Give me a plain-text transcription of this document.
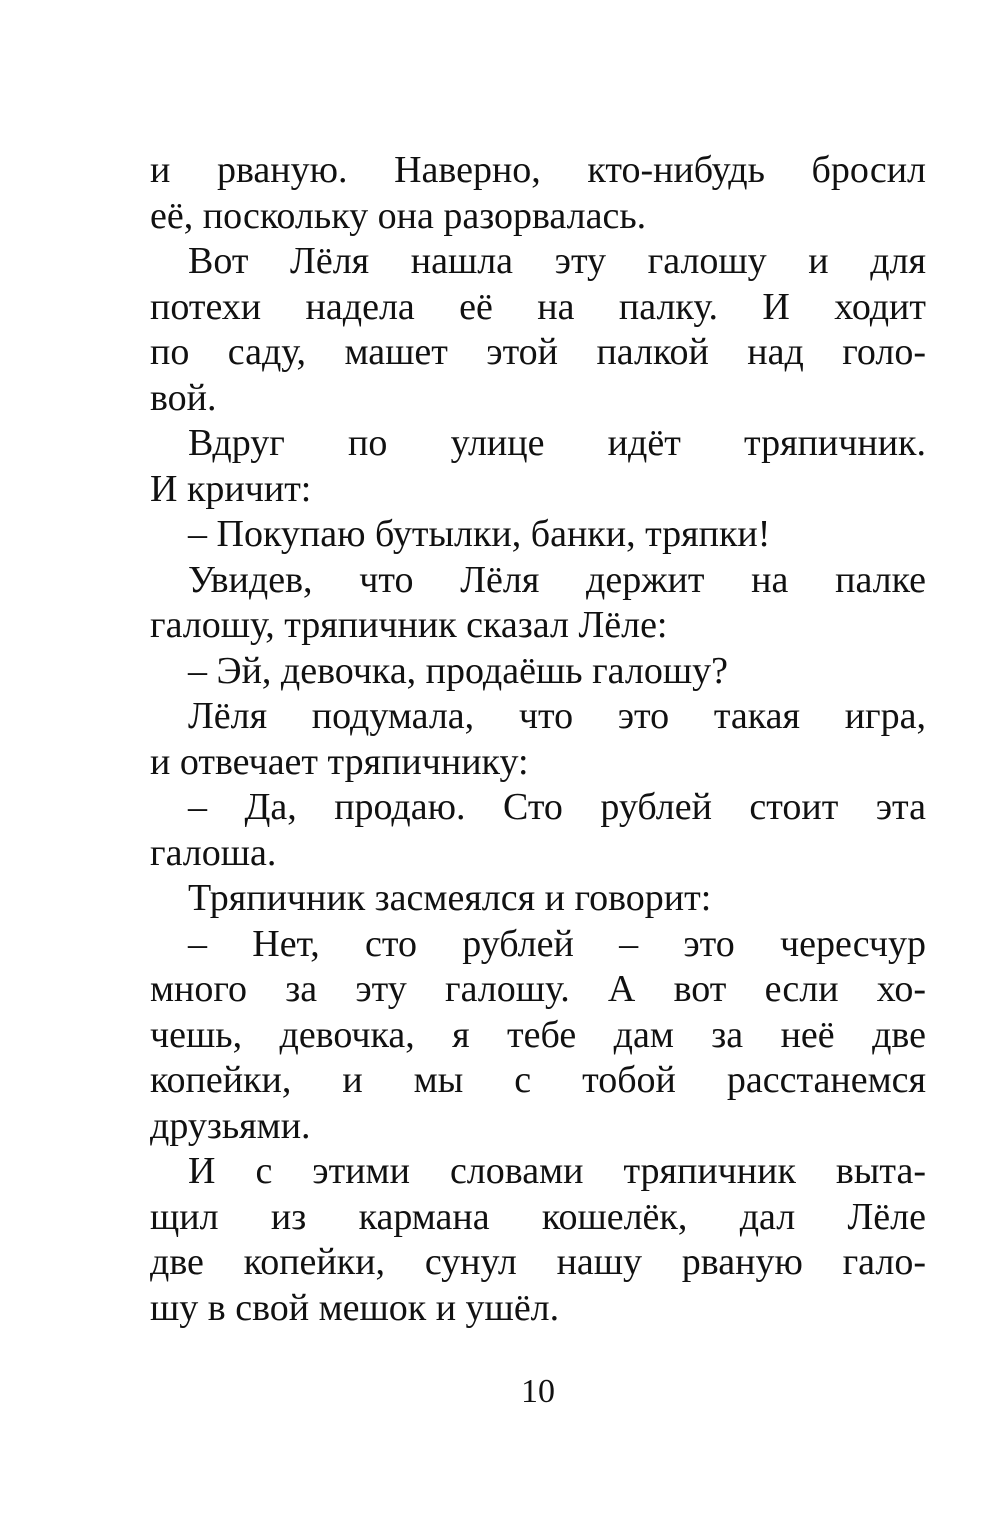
и рваную. Наверно, кто-нибудь бросил
её, поскольку она разорвалась.
Вот Лёля нашла эту галошу и для
потехи надела её на палку. И ходит
по саду, машет этой палкой над голо-
вой.
Вдруг по улице идёт тряпичник.
И кричит:
– Покупаю бутылки, банки, тряпки!
Увидев, что Лёля держит на палке
галошу, тряпичник сказал Лёле:
– Эй, девочка, продаёшь галошу?
Лёля подумала, что это такая игра,
и отвечает тряпичнику:
– Да, продаю. Сто рублей стоит эта
галоша.
Тряпичник засмеялся и говорит:
– Нет, сто рублей – это чересчур
много за эту галошу. А вот если хо-
чешь, девочка, я тебе дам за неё две
копейки, и мы с тобой расстанемся
друзьями.
И с этими словами тряпичник выта-
щил из кармана кошелёк, дал Лёле
две копейки, сунул нашу рваную гало-
шу в свой мешок и ушёл.
10
